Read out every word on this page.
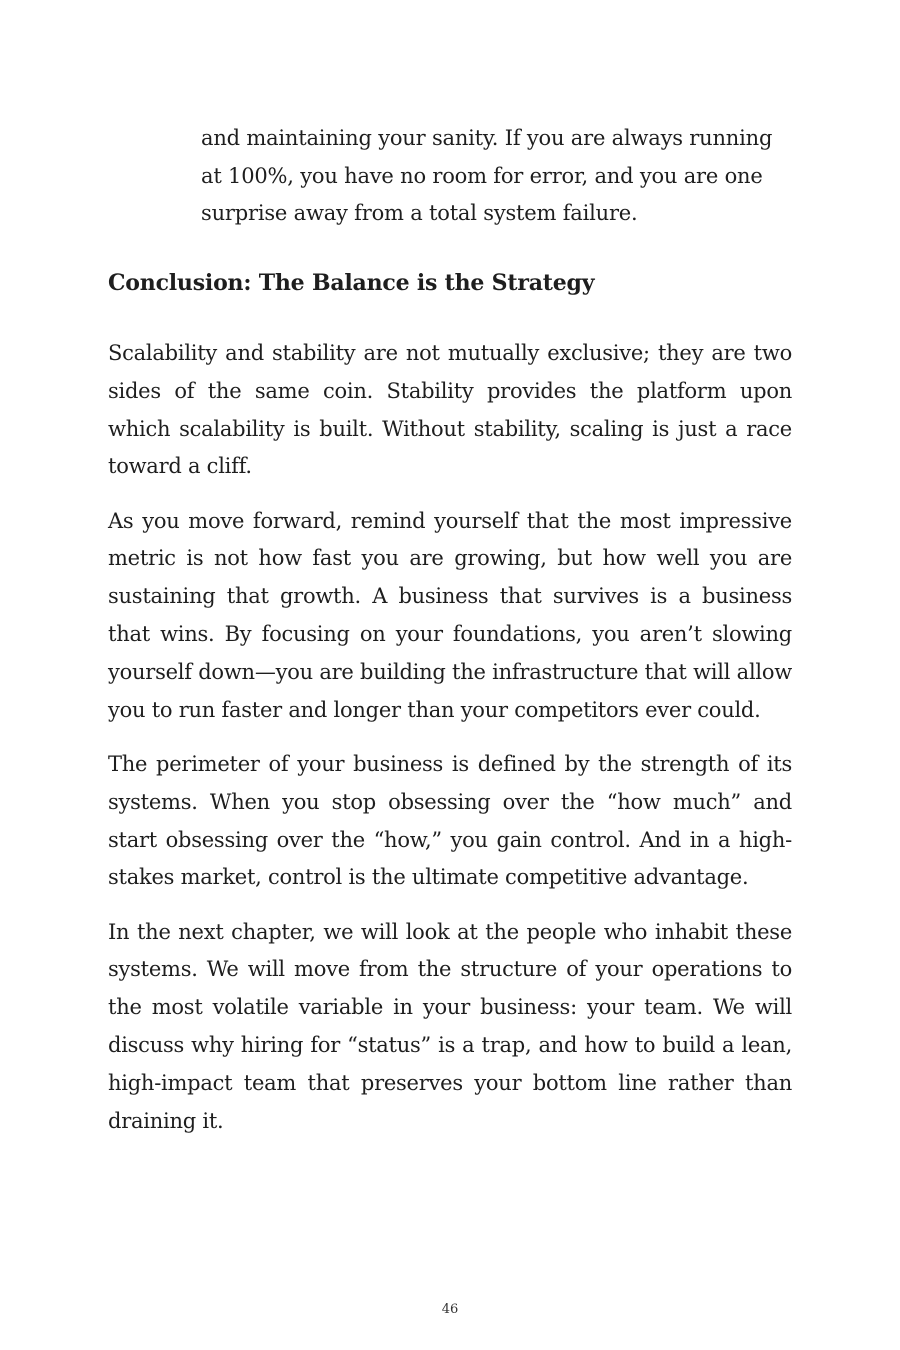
and maintaining your sanity. If you are always running at 100%, you have no room for error, and you are one surprise away from a total system failure.

Conclusion: The Balance is the Strategy

Scalability and stability are not mutually exclusive; they are two sides of the same coin. Stability provides the platform upon which scalability is built. Without stability, scaling is just a race toward a cliff.

As you move forward, remind yourself that the most impressive metric is not how fast you are growing, but how well you are sustaining that growth. A business that survives is a business that wins. By focusing on your foundations, you aren’t slowing yourself down—you are building the infrastructure that will allow you to run faster and longer than your competitors ever could.

The perimeter of your business is defined by the strength of its systems. When you stop obsessing over the “how much” and start obsessing over the “how,” you gain control. And in a high-stakes market, control is the ultimate competitive advantage.

In the next chapter, we will look at the people who inhabit these systems. We will move from the structure of your operations to the most volatile variable in your business: your team. We will discuss why hiring for “status” is a trap, and how to build a lean, high-impact team that preserves your bottom line rather than draining it.

46
